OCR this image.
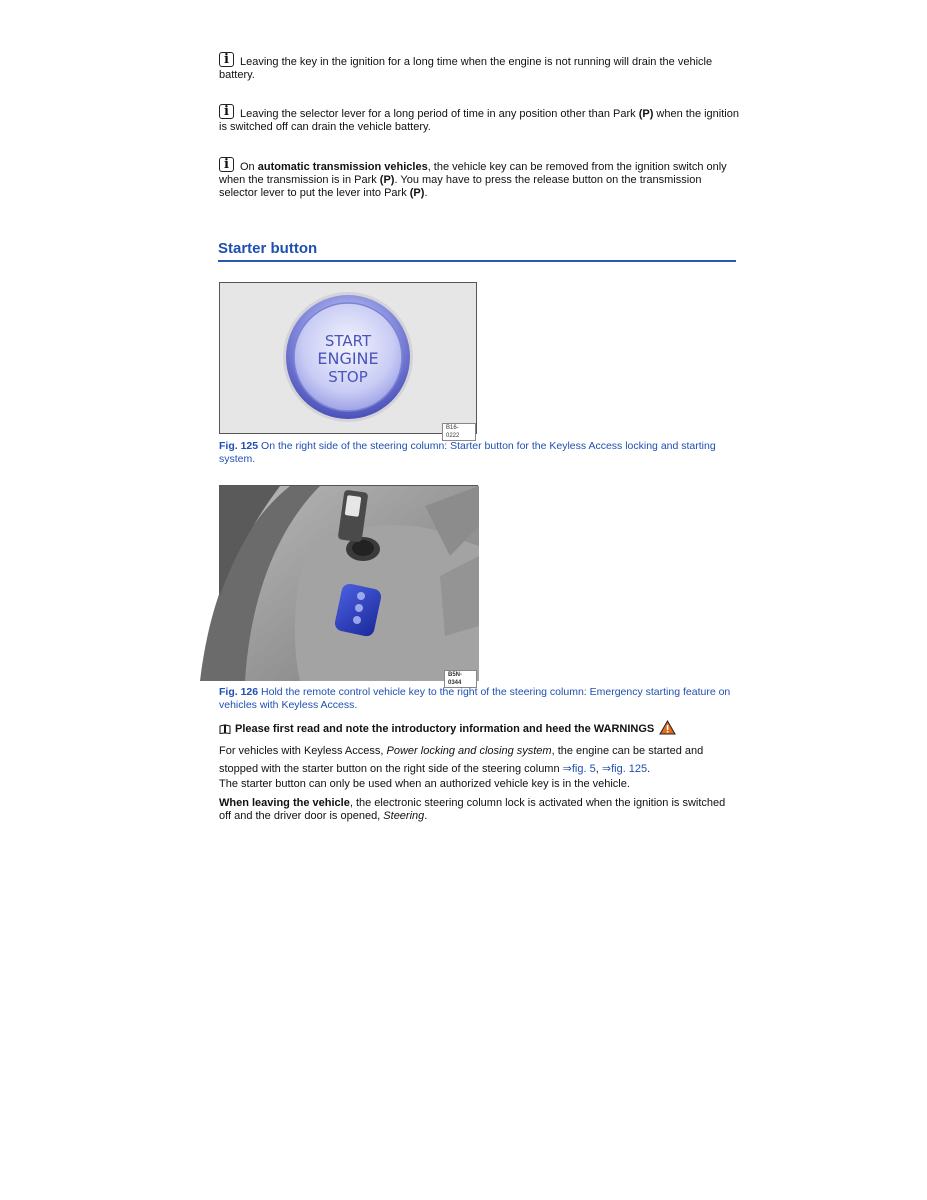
iLeaving the key in the ignition for a long time when the engine is not running will drain the vehicle battery.
iLeaving the selector lever for a long period of time in any position other than Park (P) when the ignition is switched off can drain the vehicle battery.
iOn automatic transmission vehicles, the vehicle key can be removed from the ignition switch only when the transmission is in Park (P). You may have to press the release button on the transmission selector lever to put the lever into Park (P).
Starter button
START
ENGINE
STOP
B16-0222
Fig. 125 On the right side of the steering column: Starter button for the Keyless Access locking and starting system.
B5N-0344
Fig. 126 Hold the remote control vehicle key to the right of the steering column: Emergency starting feature on vehicles with Keyless Access.
Please first read and note the introductory information and heed the WARNINGS
For vehicles with Keyless Access, Power locking and closing system, the engine can be started and stopped with the starter button on the right side of the steering column ⇒fig. 5, ⇒fig. 125.
The starter button can only be used when an authorized vehicle key is in the vehicle.
When leaving the vehicle, the electronic steering column lock is activated when the ignition is switched off and the driver door is opened, Steering.
